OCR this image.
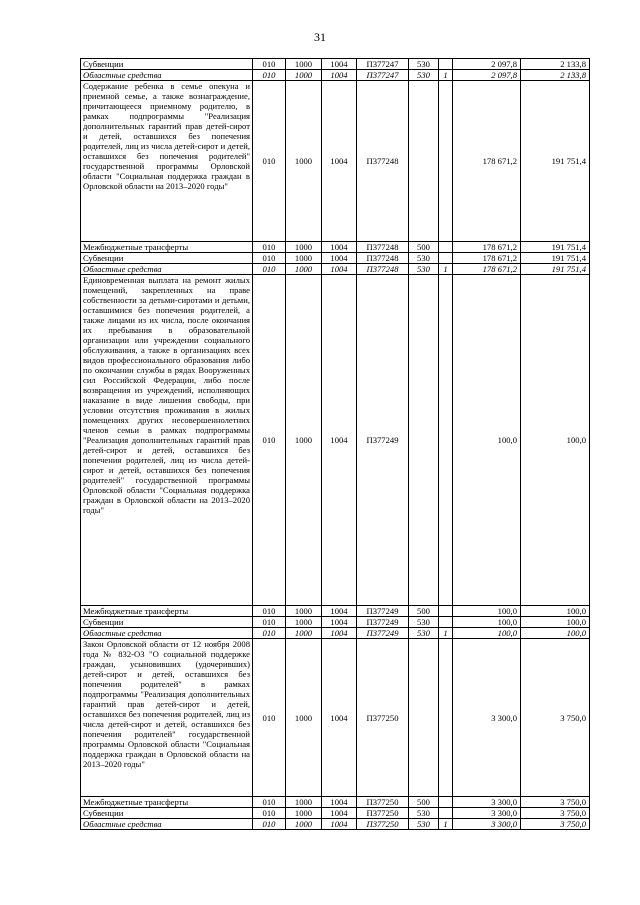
31
Субвенции	010	1000	1004	П377247	530		2 097,8	2 133,8
Областные средства	010	1000	1004	П377247	530	1	2 097,8	2 133,8
Содержание ребенка в семье опекуна и приемной семье, а также вознаграждение, причитающееся приемному родителю, в рамках подпрограммы "Реализация дополнительных гарантий прав детей-сирот и детей, оставшихся без попечения родителей, лиц из числа детей-сирот и детей, оставшихся без попечения родителей" государственной программы Орловской области "Социальная поддержка граждан в Орловской области на 2013–2020 годы"	010	1000	1004	П377248			178 671,2	191 751,4
Межбюджетные трансферты	010	1000	1004	П377248	500		178 671,2	191 751,4
Субвенции	010	1000	1004	П377248	530		178 671,2	191 751,4
Областные средства	010	1000	1004	П377248	530	1	178 671,2	191 751,4
Единовременная выплата на ремонт жилых помещений, закрепленных на праве собственности за детьми-сиротами и детьми, оставшимися без попечения родителей, а также лицами из их числа, после окончания их пребывания в образовательной организации или учреждении социального обслуживания, а также в организациях всех видов профессионального образования либо по окончании службы в рядах Вооруженных сил Российской Федерации, либо после возвращения из учреждений, исполняющих наказание в виде лишения свободы, при условии отсутствия проживания в жилых помещениях других несовершеннолетних членов семьи в рамках подпрограммы "Реализация дополнительных гарантий прав детей-сирот и детей, оставшихся без попечения родителей, лиц из числа детей-сирот и детей, оставшихся без попечения родителей" государственной программы Орловской области "Социальная поддержка граждан в Орловской области на 2013–2020 годы"	010	1000	1004	П377249			100,0	100,0
Межбюджетные трансферты	010	1000	1004	П377249	500		100,0	100,0
Субвенции	010	1000	1004	П377249	530		100,0	100,0
Областные средства	010	1000	1004	П377249	530	1	100,0	100,0
Закон Орловской области от 12 ноября 2008 года № 832-ОЗ "О социальной поддержке граждан, усыновивших (удочеривших) детей-сирот и детей, оставшихся без попечения родителей" в рамках подпрограммы "Реализация дополнительных гарантий прав детей-сирот и детей, оставшихся без попечения родителей, лиц из числа детей-сирот и детей, оставшихся без попечения родителей" государственной программы Орловской области "Социальная поддержка граждан в Орловской области на 2013–2020 годы"	010	1000	1004	П377250			3 300,0	3 750,0
Межбюджетные трансферты	010	1000	1004	П377250	500		3 300,0	3 750,0
Субвенции	010	1000	1004	П377250	530		3 300,0	3 750,0
Областные средства	010	1000	1004	П377250	530	1	3 300,0	3 750,0
